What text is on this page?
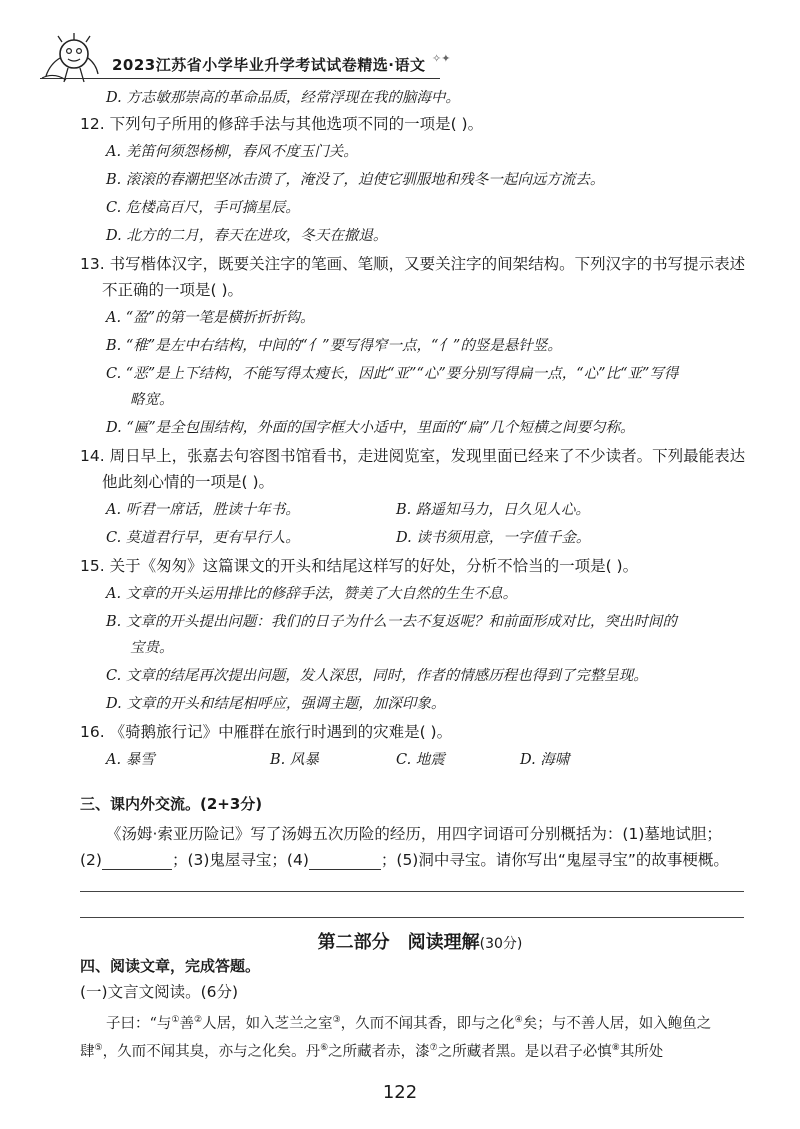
2023江苏省小学毕业升学考试试卷精选·语文 ✧✦
D. 方志敏那崇高的革命品质，经常浮现在我的脑海中。
12. 下列句子所用的修辞手法与其他选项不同的一项是( )。
A. 羌笛何须怨杨柳，春风不度玉门关。
B. 滚滚的春潮把坚冰击溃了，淹没了，迫使它驯服地和残冬一起向远方流去。
C. 危楼高百尺，手可摘星辰。
D. 北方的二月，春天在进攻，冬天在撤退。
13. 书写楷体汉字，既要关注字的笔画、笔顺，又要关注字的间架结构。下列汉字的书写提示表述
不正确的一项是( )。
A. “盈”的第一笔是横折折折钩。
B. “稚”是左中右结构，中间的“亻”要写得窄一点，“亻”的竖是悬针竖。
C. “恶”是上下结构，不能写得太瘦长，因此“亚”“心”要分别写得扁一点，“心”比“亚”写得
略宽。
D. “匾”是全包围结构，外面的国字框大小适中，里面的“扁”几个短横之间要匀称。
14. 周日早上，张嘉去句容图书馆看书，走进阅览室，发现里面已经来了不少读者。下列最能表达
他此刻心情的一项是( )。
A. 听君一席话，胜读十年书。	B. 路遥知马力，日久见人心。
C. 莫道君行早，更有早行人。	D. 读书须用意，一字值千金。
15. 关于《匆匆》这篇课文的开头和结尾这样写的好处，分析不恰当的一项是( )。
A. 文章的开头运用排比的修辞手法，赞美了大自然的生生不息。
B. 文章的开头提出问题：我们的日子为什么一去不复返呢？和前面形成对比，突出时间的
宝贵。
C. 文章的结尾再次提出问题，发人深思，同时，作者的情感历程也得到了完整呈现。
D. 文章的开头和结尾相呼应，强调主题，加深印象。
16. 《骑鹅旅行记》中雁群在旅行时遇到的灾难是( )。
A. 暴雪	B. 风暴	C. 地震	D. 海啸
三、课内外交流。(2+3分)
《汤姆·索亚历险记》写了汤姆五次历险的经历，用四字词语可分别概括为：(1)墓地试胆；
(2)	；(3)鬼屋寻宝；(4)	；(5)洞中寻宝。请你写出“鬼屋寻宝”的故事梗概。
第二部分　阅读理解(30分)
四、阅读文章，完成答题。
(一)文言文阅读。(6分)
子曰：“与①善②人居，如入芝兰之室③，久而不闻其香，即与之化④矣；与不善人居，如入鲍鱼之
肆⑤，久而不闻其臭，亦与之化矣。丹⑥之所藏者赤，漆⑦之所藏者黑。是以君子必慎⑧其所处
122
